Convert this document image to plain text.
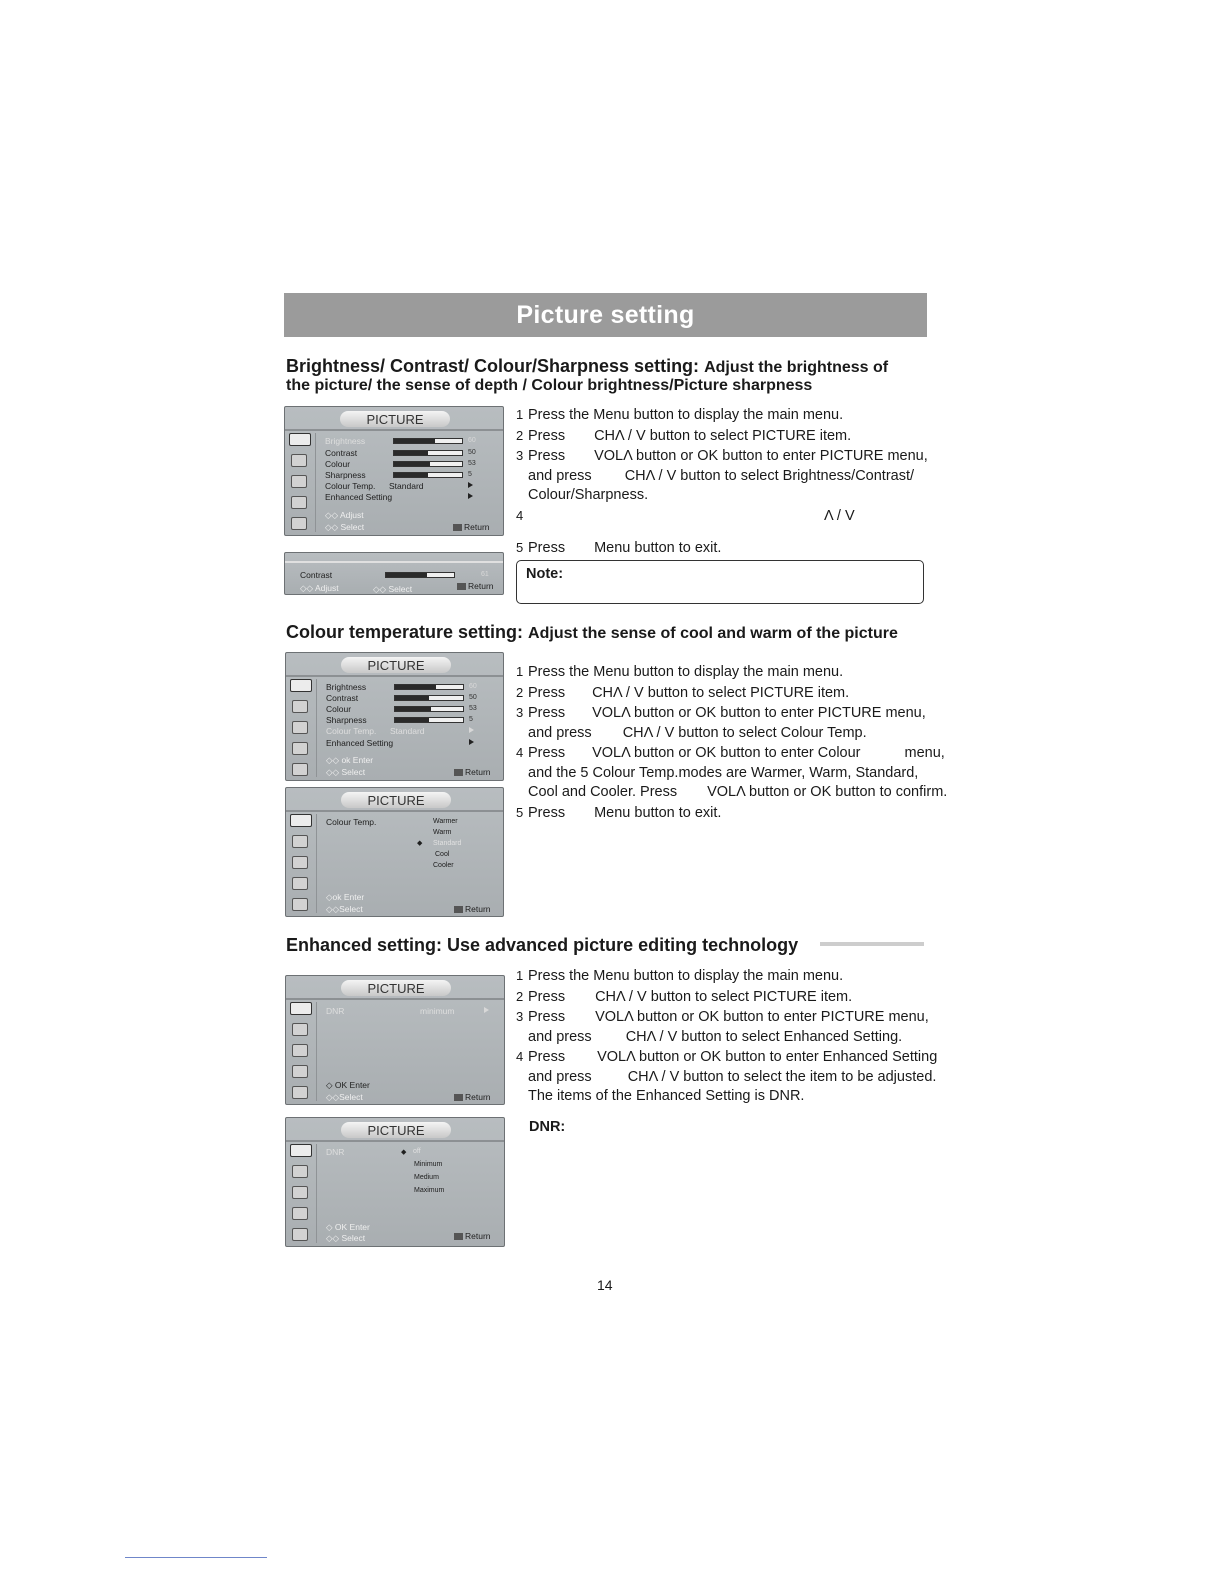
Picture setting
Brightness/ Contrast/ Colour/Sharpness setting: Adjust the brightness of
the picture/ the sense of depth / Colour brightness/Picture sharpness
PICTURE
Brightness	60
Contrast	50
Colour	53
Sharpness	5
Colour Temp. Standard
Enhanced Setting
◇◇ Adjust
◇◇ Select	Return
Contrast	61
◇◇ Adjust	◇◇ Select	Return
1 Press the Menu button to display the main menu.
2 Press CHΛ / V button to select PICTURE item.
3 Press VOLΛ button or OK button to enter PICTURE menu,
and press CHΛ / V button to select Brightness/Contrast/
Colour/Sharpness.
4	Λ / V
5 Press Menu button to exit.
Note:
Colour temperature setting: Adjust the sense of cool and warm of the picture
PICTURE
Brightness	60
Contrast	50
Colour	53
Sharpness	5
Colour Temp. Standard
Enhanced Setting
◇◇ ok Enter
◇◇ Select	Return
PICTURE
Colour Temp.	Warmer
Warm
◆ Standard
Cool
Cooler
◇ok Enter
◇◇Select	Return
1 Press the Menu button to display the main menu.
2 Press CHΛ / V button to select PICTURE item.
3 Press VOLΛ button or OK button to enter PICTURE menu,
and press CHΛ / V button to select Colour Temp.
4 Press VOLΛ button or OK button to enter Colour	menu,
and the 5 Colour Temp.modes are Warmer, Warm, Standard,
Cool and Cooler. Press VOLΛ button or OK button to confirm.
5 Press Menu button to exit.
Enhanced setting: Use advanced picture editing technology
PICTURE
DNR	minimum
◇ OK Enter
◇◇Select	Return
PICTURE
DNR	◆ off
Minimum
Medium
Maximum
◇ OK Enter
◇◇ Select	Return
1 Press the Menu button to display the main menu.
2 Press CHΛ / V button to select PICTURE item.
3 Press VOLΛ button or OK button to enter PICTURE menu,
and press CHΛ / V button to select Enhanced Setting.
4 Press VOLΛ button or OK button to enter Enhanced Setting
and press CHΛ / V button to select the item to be adjusted.
The items of the Enhanced Setting is DNR.
DNR:
14
